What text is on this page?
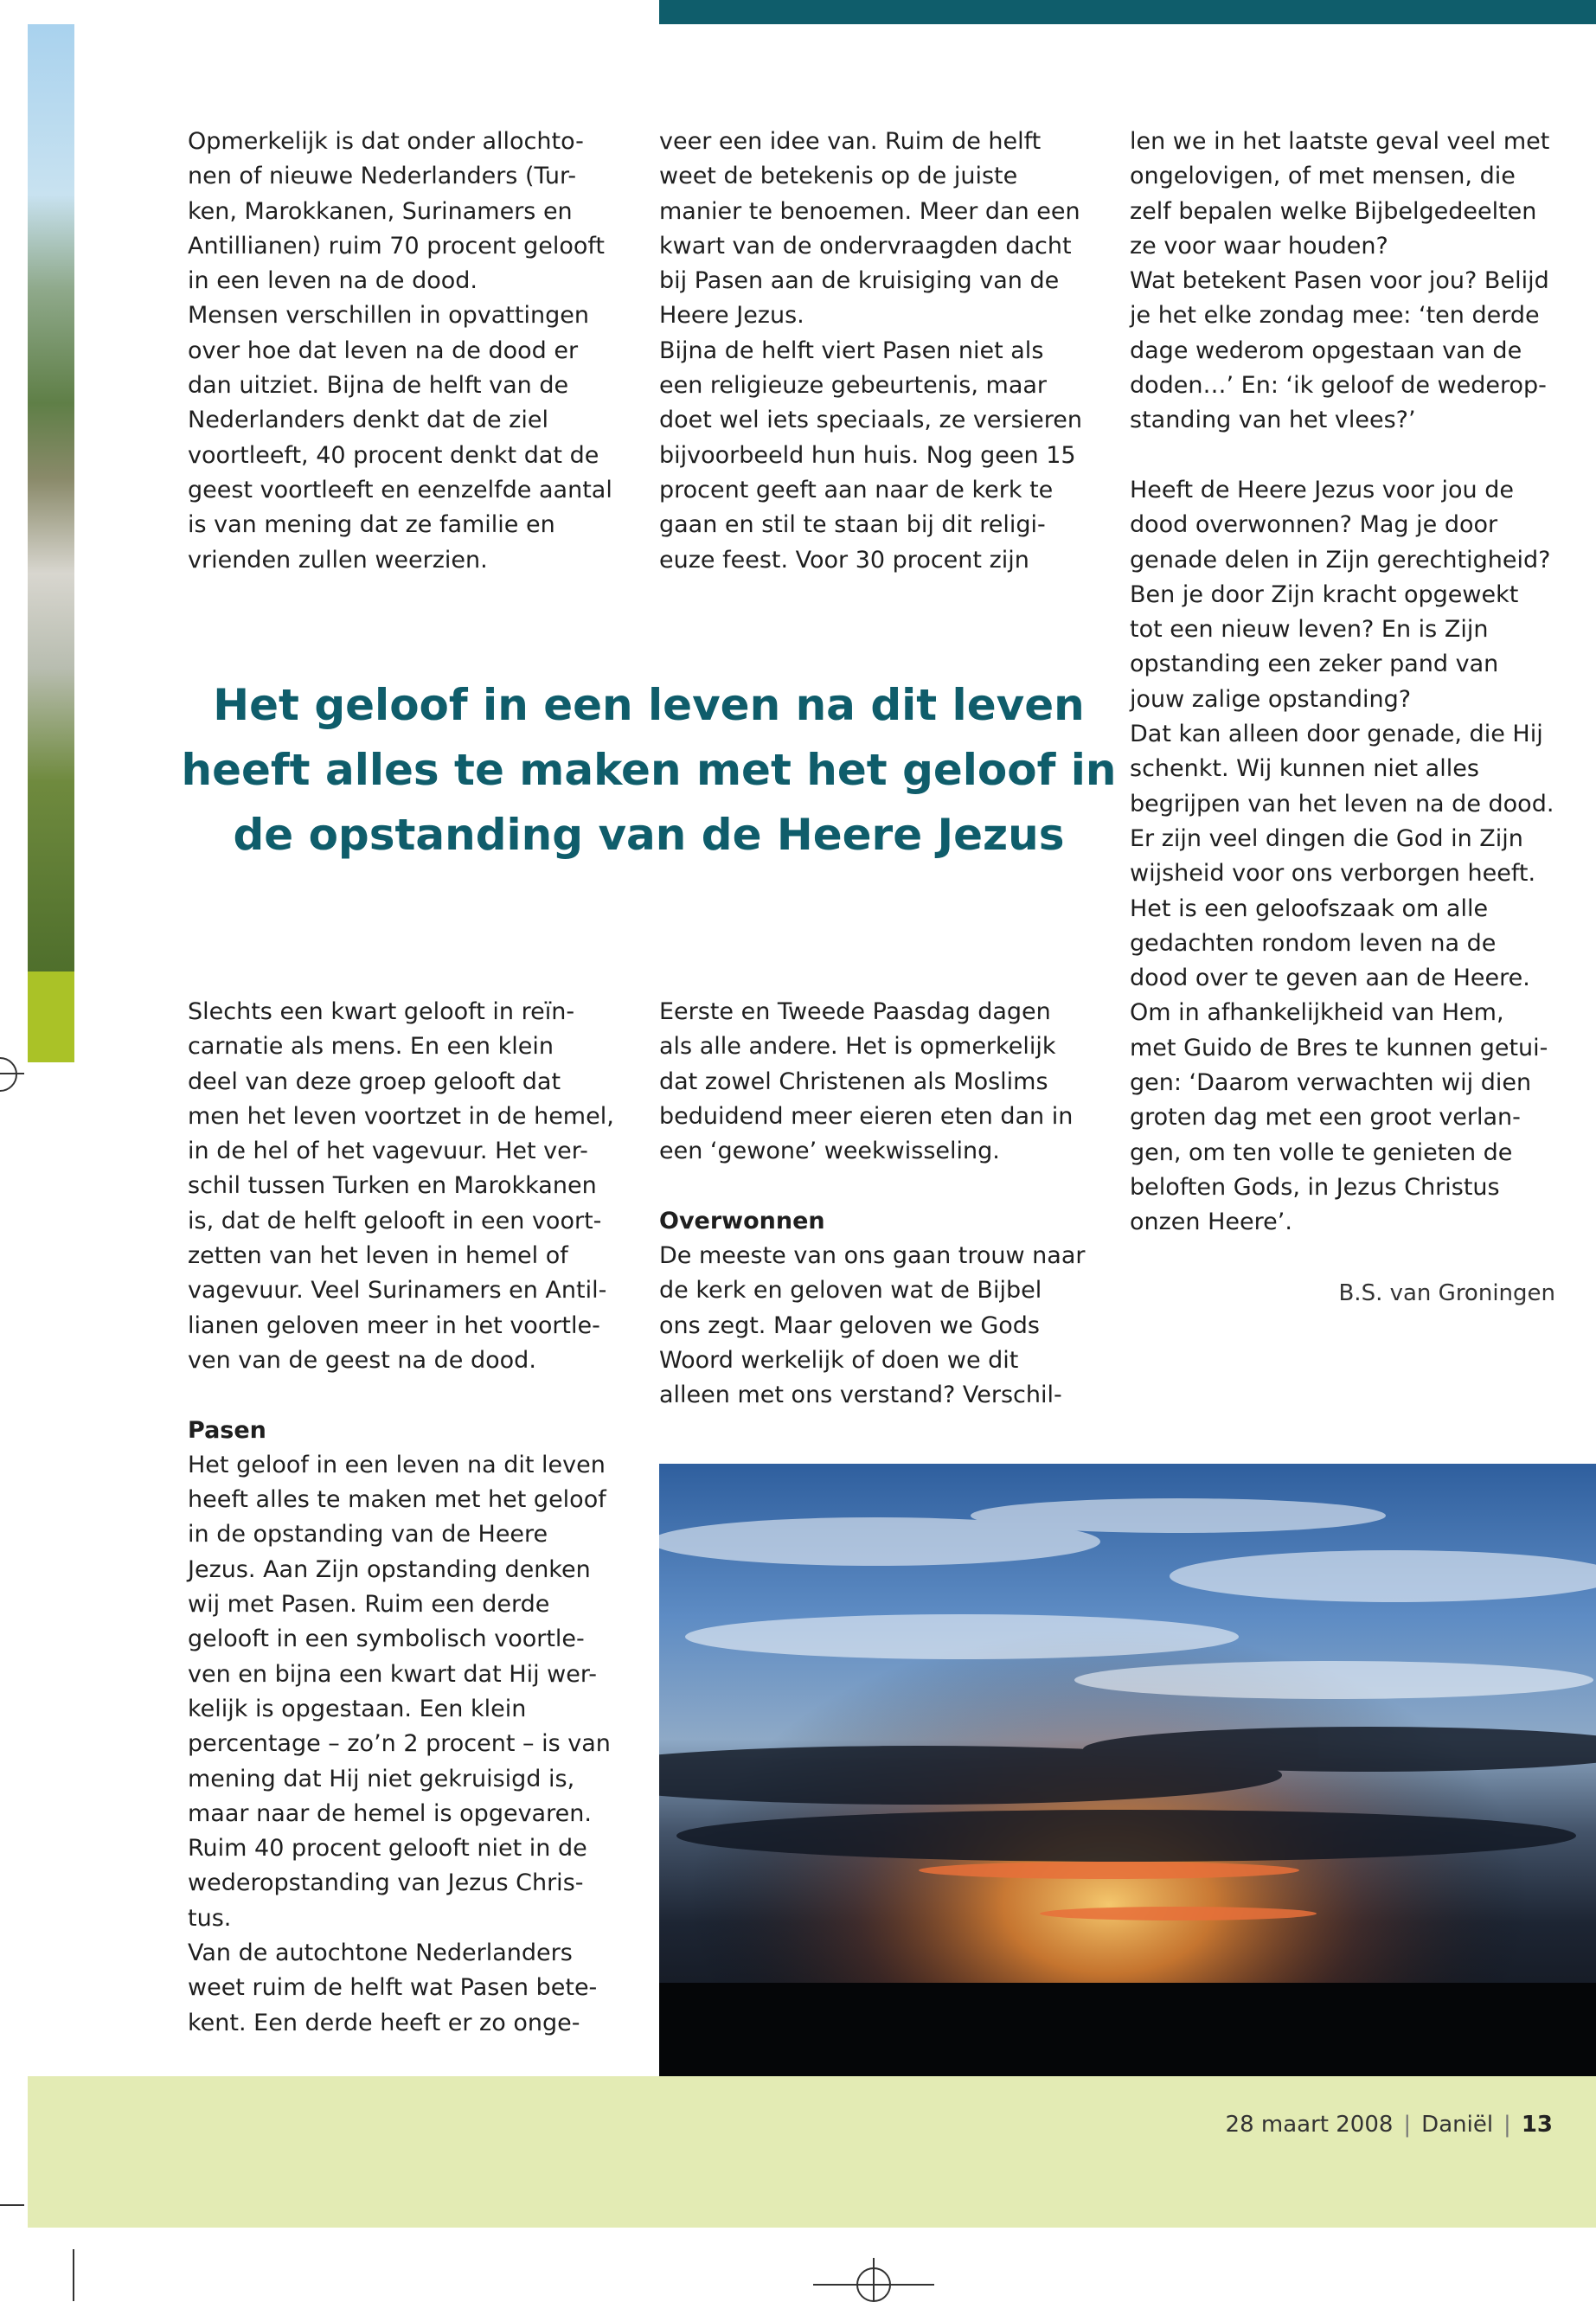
Opmerkelijk is dat onder allochto-

nen of nieuwe Nederlanders (Tur-

ken, Marokkanen, Surinamers en

Antillianen) ruim 70 procent gelooft

in een leven na de dood.

Mensen verschillen in opvattingen

over hoe dat leven na de dood er

dan uitziet. Bijna de helft van de

Nederlanders denkt dat de ziel

voortleeft, 40 procent denkt dat de

geest voortleeft en eenzelfde aantal

is van mening dat ze familie en

vrienden zullen weerzien.

veer een idee van. Ruim de helft

weet de betekenis op de juiste

manier te benoemen. Meer dan een

kwart van de ondervraagden dacht

bij Pasen aan de kruisiging van de

Heere Jezus.

Bijna de helft viert Pasen niet als

een religieuze gebeurtenis, maar

doet wel iets speciaals, ze versieren

bijvoorbeeld hun huis. Nog geen 15

procent geeft aan naar de kerk te

gaan en stil te staan bij dit religi-

euze feest. Voor 30 procent zijn

len we in het laatste geval veel met

ongelovigen, of met mensen, die

zelf bepalen welke Bijbelgedeelten

ze voor waar houden?

Wat betekent Pasen voor jou? Belijd

je het elke zondag mee: ‘ten derde

dage wederom opgestaan van de

doden…’ En: ‘ik geloof de wederop-

standing van het vlees?’

Heeft de Heere Jezus voor jou de

dood overwonnen? Mag je door

genade delen in Zijn gerechtigheid?

Ben je door Zijn kracht opgewekt

tot een nieuw leven? En is Zijn

opstanding een zeker pand van

jouw zalige opstanding?

Dat kan alleen door genade, die Hij

schenkt. Wij kunnen niet alles

begrijpen van het leven na de dood.

Er zijn veel dingen die God in Zijn

wijsheid voor ons verborgen heeft.

Het is een geloofszaak om alle

gedachten rondom leven na de

dood over te geven aan de Heere.

Om in afhankelijkheid van Hem,

met Guido de Bres te kunnen getui-

gen: ‘Daarom verwachten wij dien

groten dag met een groot verlan-

gen, om ten volle te genieten de

beloften Gods, in Jezus Christus

onzen Heere’.

Het geloof in een leven na dit leven
heeft alles te maken met het geloof in
de opstanding van de Heere Jezus

Slechts een kwart gelooft in reïn-

carnatie als mens. En een klein

deel van deze groep gelooft dat

men het leven voortzet in de hemel,

in de hel of het vagevuur. Het ver-

schil tussen Turken en Marokkanen

is, dat de helft gelooft in een voort-

zetten van het leven in hemel of

vagevuur. Veel Surinamers en Antil-

lianen geloven meer in het voortle-

ven van de geest na de dood.

Pasen

Het geloof in een leven na dit leven

heeft alles te maken met het geloof

in de opstanding van de Heere

Jezus. Aan Zijn opstanding denken

wij met Pasen. Ruim een derde

gelooft in een symbolisch voortle-

ven en bijna een kwart dat Hij wer-

kelijk is opgestaan. Een klein

percentage – zo’n 2 procent – is van

mening dat Hij niet gekruisigd is,

maar naar de hemel is opgevaren.

Ruim 40 procent gelooft niet in de

wederopstanding van Jezus Chris-

tus.

Van de autochtone Nederlanders

weet ruim de helft wat Pasen bete-

kent. Een derde heeft er zo onge-

Eerste en Tweede Paasdag dagen

als alle andere. Het is opmerkelijk

dat zowel Christenen als Moslims

beduidend meer eieren eten dan in

een ‘gewone’ weekwisseling.

Overwonnen

De meeste van ons gaan trouw naar

de kerk en geloven wat de Bijbel

ons zegt. Maar geloven we Gods

Woord werkelijk of doen we dit

alleen met ons verstand? Verschil-

B.S. van Groningen
28 maart 2008 | Daniël | 13
